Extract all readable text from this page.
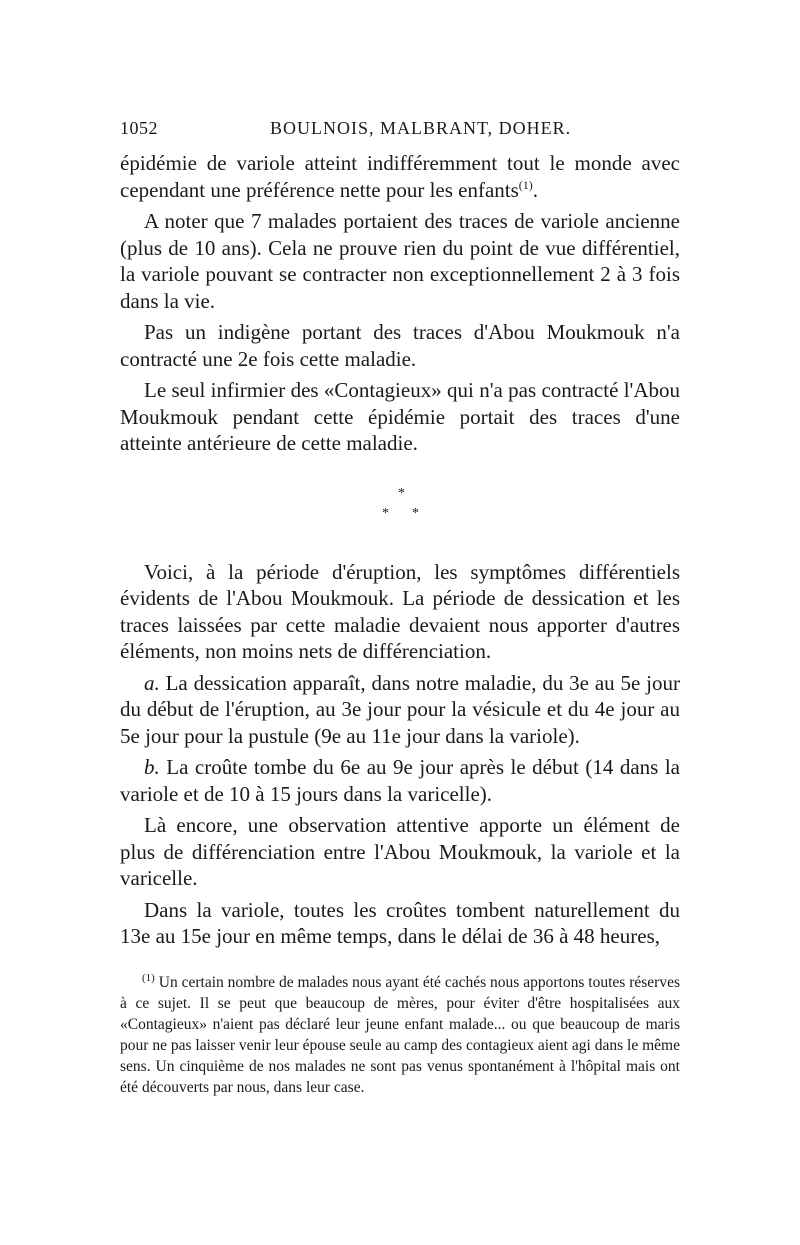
1052	BOULNOIS, MALBRANT, DOHER.

épidémie de variole atteint indifféremment tout le monde avec cependant une préférence nette pour les enfants$^{(1)}$.

A noter que 7 malades portaient des traces de variole ancienne (plus de 10 ans). Cela ne prouve rien du point de vue différentiel, la variole pouvant se contracter non exceptionnellement 2 à 3 fois dans la vie.

Pas un indigène portant des traces d'Abou Moukmouk n'a contracté une 2e fois cette maladie.

Le seul infirmier des «Contagieux» qui n'a pas contracté l'Abou Moukmouk pendant cette épidémie portait des traces d'une atteinte antérieure de cette maladie.

*
* *

Voici, à la période d'éruption, les symptômes différentiels évidents de l'Abou Moukmouk. La période de dessication et les traces laissées par cette maladie devaient nous apporter d'autres éléments, non moins nets de différenciation.

a. La dessication apparaît, dans notre maladie, du 3e au 5e jour du début de l'éruption, au 3e jour pour la vésicule et du 4e jour au 5e jour pour la pustule (9e au 11e jour dans la variole).

b. La croûte tombe du 6e au 9e jour après le début (14 dans la variole et de 10 à 15 jours dans la varicelle).

Là encore, une observation attentive apporte un élément de plus de différenciation entre l'Abou Moukmouk, la variole et la varicelle.

Dans la variole, toutes les croûtes tombent naturellement du 13e au 15e jour en même temps, dans le délai de 36 à 48 heures,

$^{(1)}$ Un certain nombre de malades nous ayant été cachés nous apportons toutes réserves à ce sujet. Il se peut que beaucoup de mères, pour éviter d'être hospitalisées aux «Contagieux» n'aient pas déclaré leur jeune enfant malade... ou que beaucoup de maris pour ne pas laisser venir leur épouse seule au camp des contagieux aient agi dans le même sens. Un cinquième de nos malades ne sont pas venus spontanément à l'hôpital mais ont été découverts par nous, dans leur case.
